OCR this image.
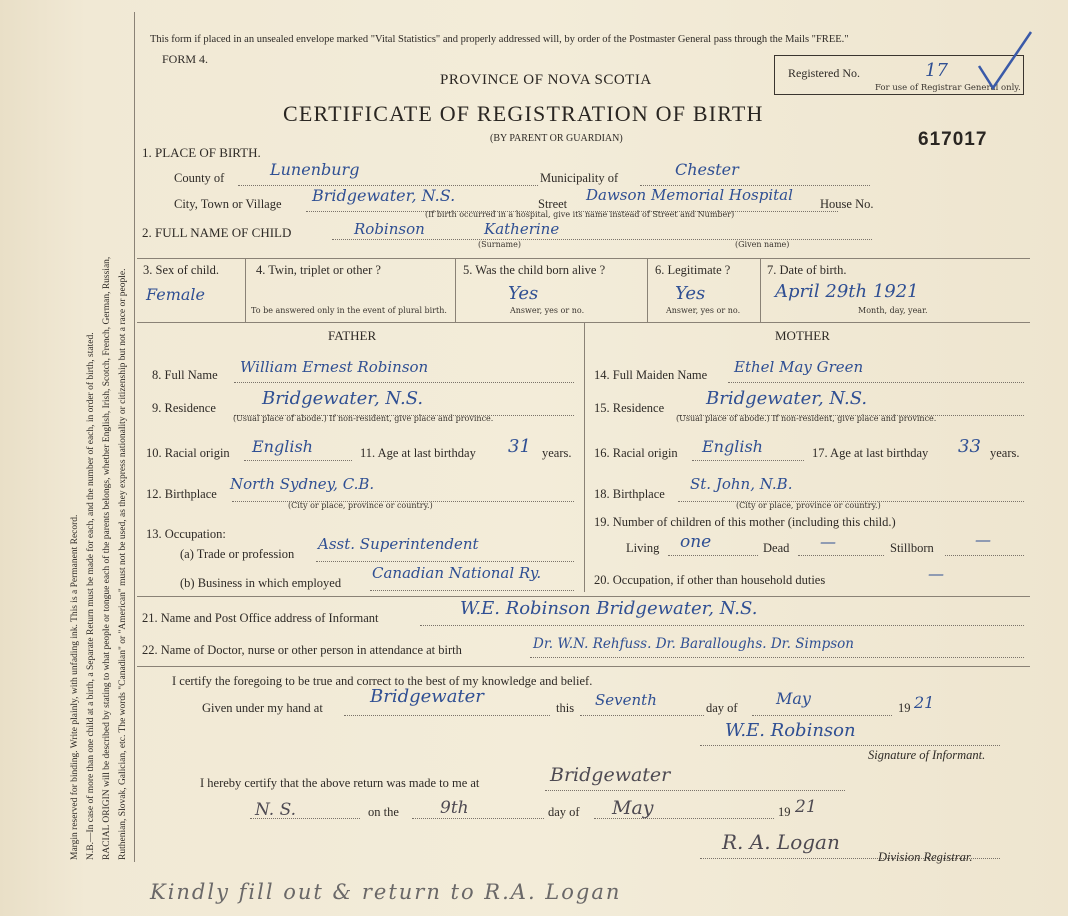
Margin reserved for binding. Write plainly, with unfading ink. This is a Permanent Record. N.B.—In case of more than one child at a birth, a Separate Return must be made for each, and the number of each, in order of birth, stated. RACIAL ORIGIN will be described by stating to what people or tongue each of the parents belongs, whether English, Irish, Scotch, French, German, Russian, Ruthenian, Slovak, Galician, etc. The words "Canadian" or "American" must not be used, as they express nationality or citizenship but not a race or people.
This form if placed in an unsealed envelope marked "Vital Statistics" and properly addressed will, by order of the Postmaster General pass through the Mails "FREE."
FORM 4.
Registered No.	17
For use of Registrar General only.
PROVINCE OF NOVA SCOTIA
CERTIFICATE OF REGISTRATION OF BIRTH
(BY PARENT OR GUARDIAN)	617017
1. PLACE OF BIRTH.
County of	Lunenburg	Municipality of	Chester
City, Town or Village Bridgewater, N.S.	Street Dawson Memorial Hospital House No.
(If birth occurred in a hospital, give its name instead of Street and Number)
2. FULL NAME OF CHILD	Robinson	Katherine
(Surname)	(Given name)
3. Sex of child.
Female
4. Twin, triplet or other ?
To be answered only in the event of plural birth.
5. Was the child born alive ?
Yes
Answer, yes or no.
6. Legitimate ?
Yes
Answer, yes or no.
7. Date of birth.
April 29th 1921
Month, day, year.
FATHER	MOTHER
8. Full Name William Ernest Robinson
9. Residence	Bridgewater, N.S.
(Usual place of abode.) If non-resident, give place and province.
10. Racial origin English	11. Age at last birthday 31 years.
12. Birthplace
North Sydney, C.B.
(City or place, province or country.)
13. Occupation:
(a) Trade or profession
Asst. Superintendent
(b) Business in which employed
Canadian National Ry.
14. Full Maiden Name Ethel May Green
15. Residence Bridgewater, N.S.
(Usual place of abode.) If non-resident, give place and province.
16. Racial origin English	17. Age at last birthday 33 years.
18. Birthplace
St. John, N.B.
(City or place, province or country.)
19. Number of children of this mother (including this child.)
Living one	Dead —	Stillborn	—
20. Occupation, if other than household duties	—
21. Name and Post Office address of Informant	W.E. Robinson Bridgewater, N.S.
22. Name of Doctor, nurse or other person in attendance at birth	Dr. W.N. Rehfuss. Dr. Baralloughs. Dr. Simpson
I certify the foregoing to be true and correct to the best of my knowledge and belief.
Given under my hand at
Bridgewater
this Seventh	day of May	19 21
W.E. Robinson
Signature of Informant.
I hereby certify that the above return was made to me at	Bridgewater
N. S.	on the 9th	day of May	19 21
R. A. Logan
Division Registrar.
Kindly fill out & return to R.A. Logan
